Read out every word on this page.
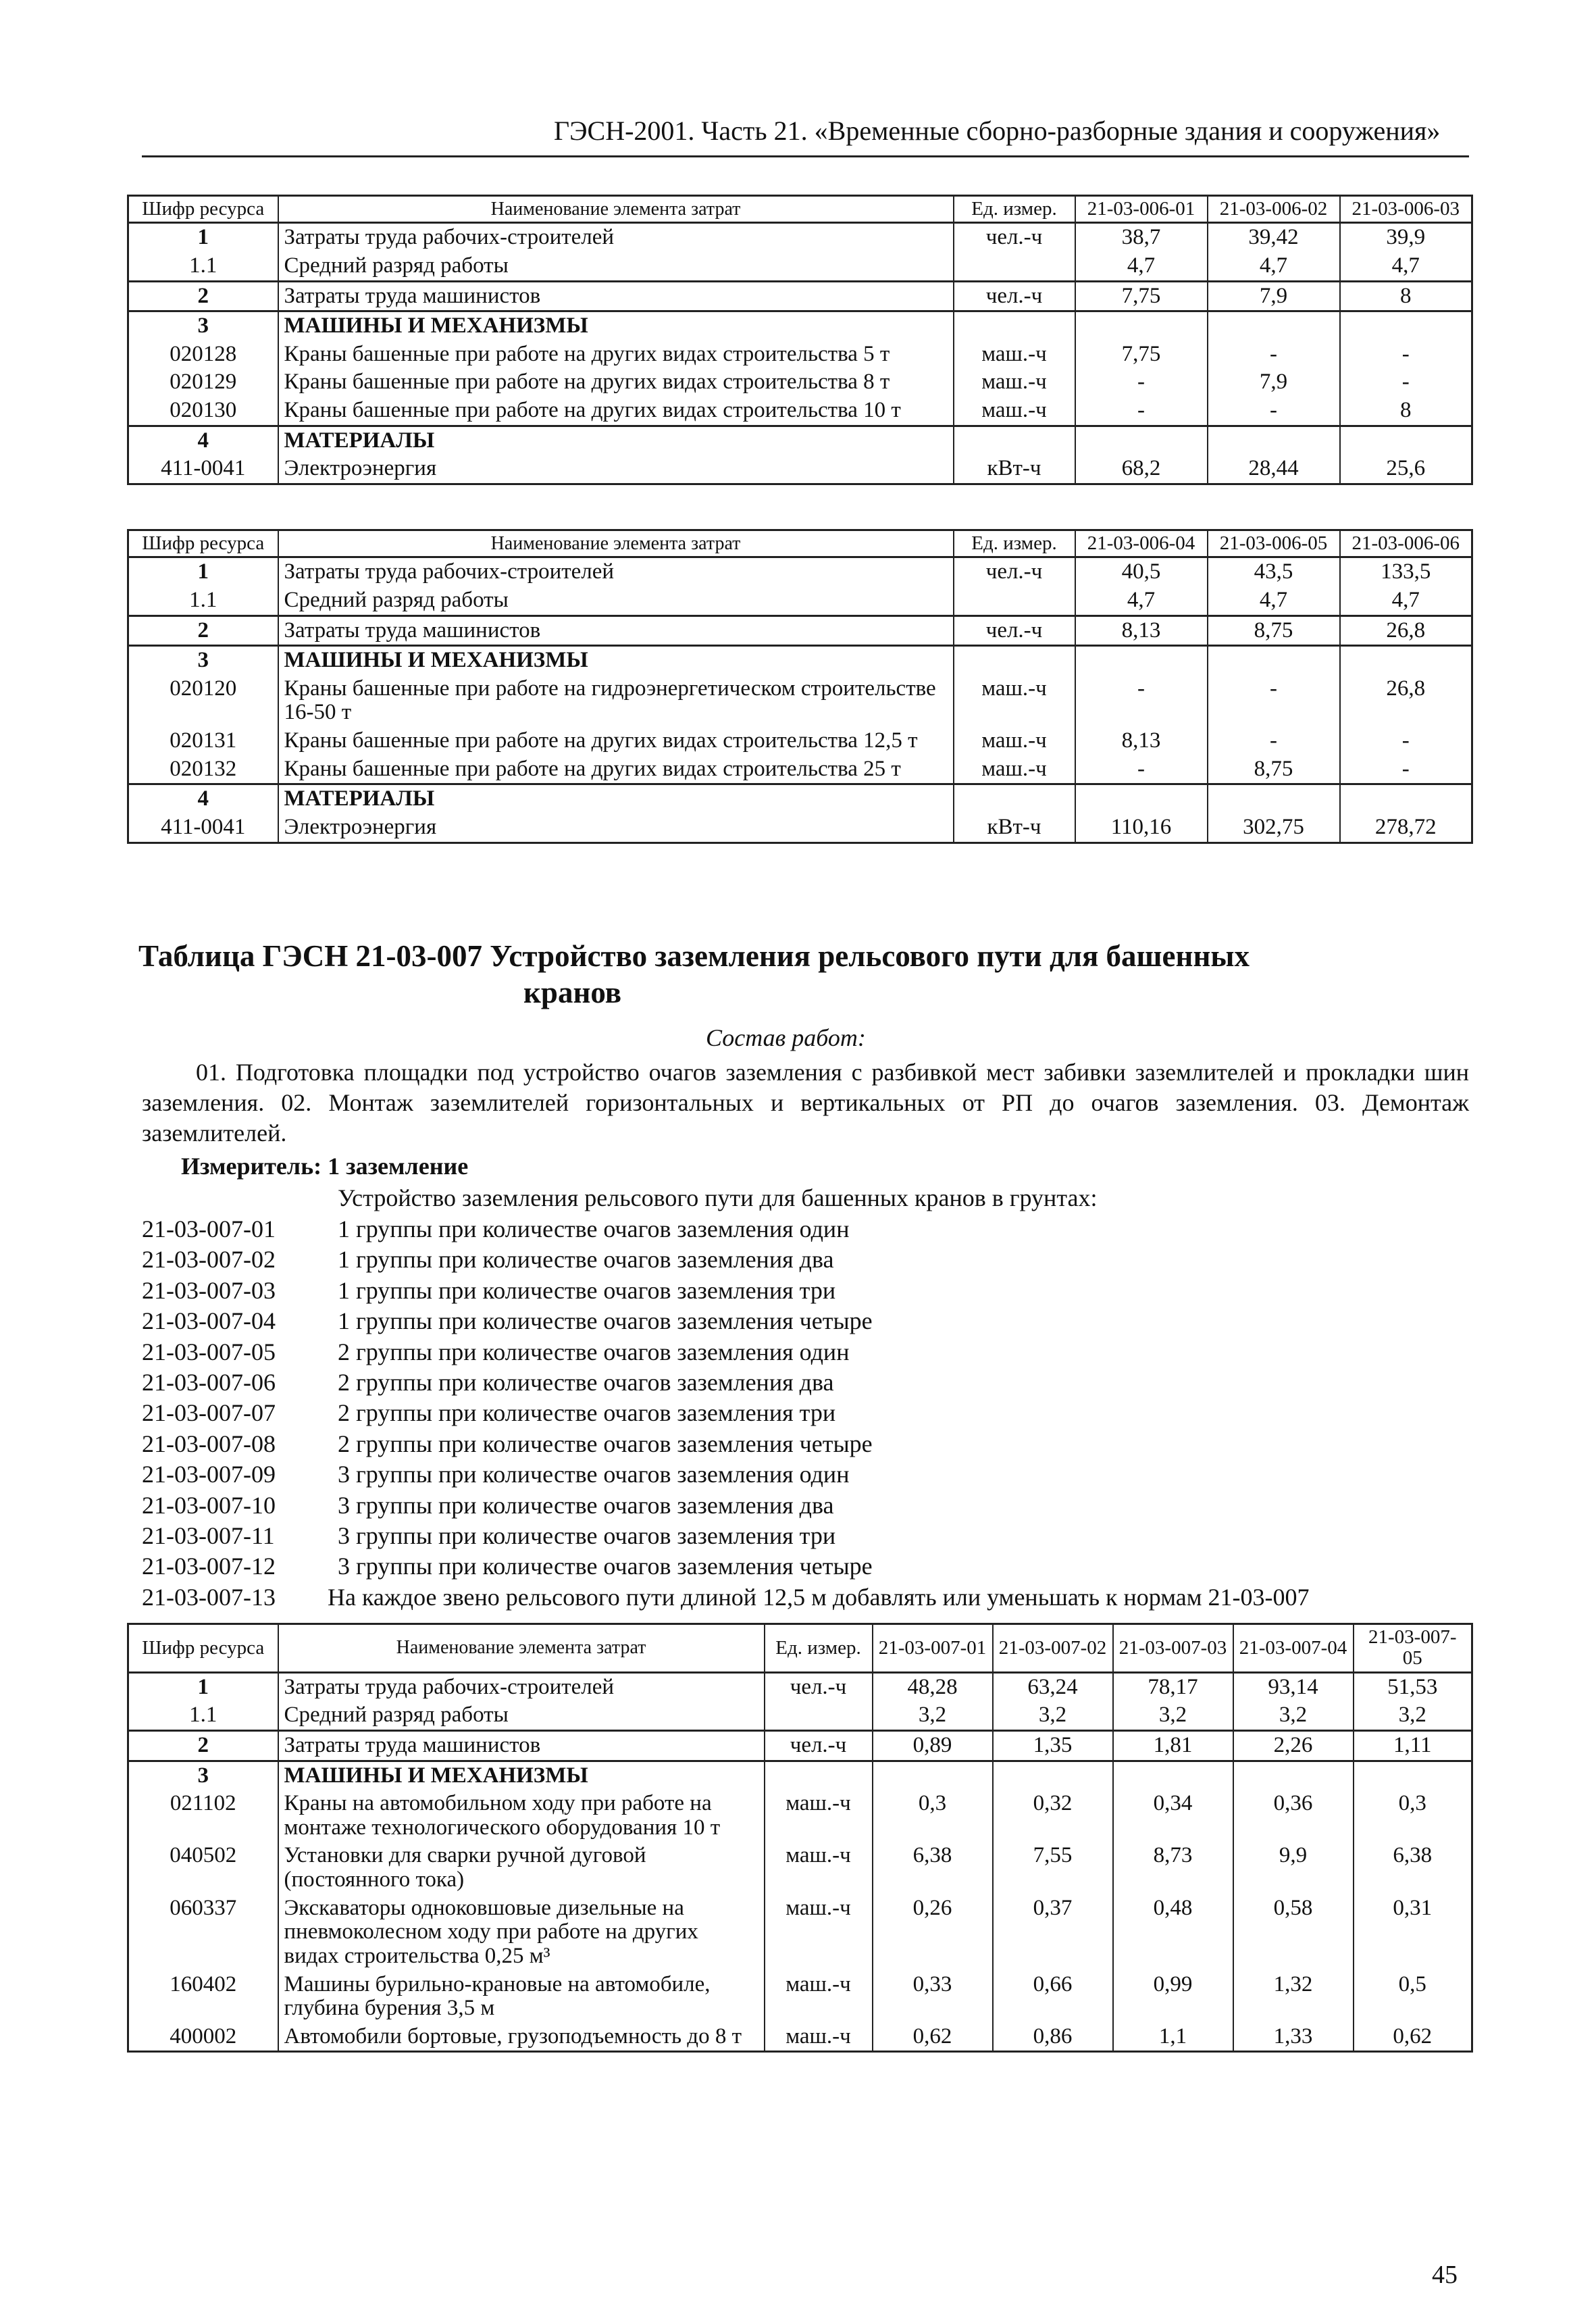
ГЭСН-2001. Часть 21. «Временные сборно-разборные здания и сооружения»
Шифр ресурса	Наименование элемента затрат	Ед. измер.	21-03-006-01	21-03-006-02	21-03-006-03
1	Затраты труда рабочих-строителей	чел.-ч	38,7	39,42	39,9
1.1	Средний разряд работы		4,7	4,7	4,7
2	Затраты труда машинистов	чел.-ч	7,75	7,9	8
3	МАШИНЫ И МЕХАНИЗМЫ				
020128	Краны башенные при работе на других видах строительства 5 т	маш.-ч	7,75	-	-
020129	Краны башенные при работе на других видах строительства 8 т	маш.-ч	-	7,9	-
020130	Краны башенные при работе на других видах строительства 10 т	маш.-ч	-	-	8
4	МАТЕРИАЛЫ				
411-0041	Электроэнергия	кВт-ч	68,2	28,44	25,6
Шифр ресурса	Наименование элемента затрат	Ед. измер.	21-03-006-04	21-03-006-05	21-03-006-06
1	Затраты труда рабочих-строителей	чел.-ч	40,5	43,5	133,5
1.1	Средний разряд работы		4,7	4,7	4,7
2	Затраты труда машинистов	чел.-ч	8,13	8,75	26,8
3	МАШИНЫ И МЕХАНИЗМЫ				
020120	Краны башенные при работе на гидроэнергетическом строительстве 16-50 т	маш.-ч	-	-	26,8
020131	Краны башенные при работе на других видах строительства 12,5 т	маш.-ч	8,13	-	-
020132	Краны башенные при работе на других видах строительства 25 т	маш.-ч	-	8,75	-
4	МАТЕРИАЛЫ				
411-0041	Электроэнергия	кВт-ч	110,16	302,75	278,72
Таблица ГЭСН 21-03-007 Устройство заземления рельсового пути для башенных
кранов
Состав работ:
01. Подготовка площадки под устройство очагов заземления с разбивкой мест забивки заземлителей и прокладки шин заземления. 02. Монтаж заземлителей горизонтальных и вертикальных от РП до очагов заземления. 03. Демонтаж заземлителей.
Измеритель: 1 заземление
Устройство заземления рельсового пути для башенных кранов в грунтах:
21-03-007-01	1 группы при количестве очагов заземления один
21-03-007-02	1 группы при количестве очагов заземления два
21-03-007-03	1 группы при количестве очагов заземления три
21-03-007-04	1 группы при количестве очагов заземления четыре
21-03-007-05	2 группы при количестве очагов заземления один
21-03-007-06	2 группы при количестве очагов заземления два
21-03-007-07	2 группы при количестве очагов заземления три
21-03-007-08	2 группы при количестве очагов заземления четыре
21-03-007-09	3 группы при количестве очагов заземления один
21-03-007-10	3 группы при количестве очагов заземления два
21-03-007-11	3 группы при количестве очагов заземления три
21-03-007-12	3 группы при количестве очагов заземления четыре
21-03-007-13 На каждое звено рельсового пути длиной 12,5 м добавлять или уменьшать к нормам 21-03-007
Шифр ресурса	Наименование элемента затрат	Ед. измер.	21-03-007-01	21-03-007-02	21-03-007-03	21-03-007-04	21-03-007-05
1	Затраты труда рабочих-строителей	чел.-ч	48,28	63,24	78,17	93,14	51,53
1.1	Средний разряд работы		3,2	3,2	3,2	3,2	3,2
2	Затраты труда машинистов	чел.-ч	0,89	1,35	1,81	2,26	1,11
3	МАШИНЫ И МЕХАНИЗМЫ						
021102	Краны на автомобильном ходу при работе на монтаже технологического оборудования 10 т	маш.-ч	0,3	0,32	0,34	0,36	0,3
040502	Установки для сварки ручной дуговой (постоянного тока)	маш.-ч	6,38	7,55	8,73	9,9	6,38
060337	Экскаваторы одноковшовые дизельные на пневмоколесном ходу при работе на других видах строительства 0,25 м³	маш.-ч	0,26	0,37	0,48	0,58	0,31
160402	Машины бурильно-крановые на автомобиле, глубина бурения 3,5 м	маш.-ч	0,33	0,66	0,99	1,32	0,5
400002	Автомобили бортовые, грузоподъемность до 8 т	маш.-ч	0,62	0,86	1,1	1,33	0,62
45
